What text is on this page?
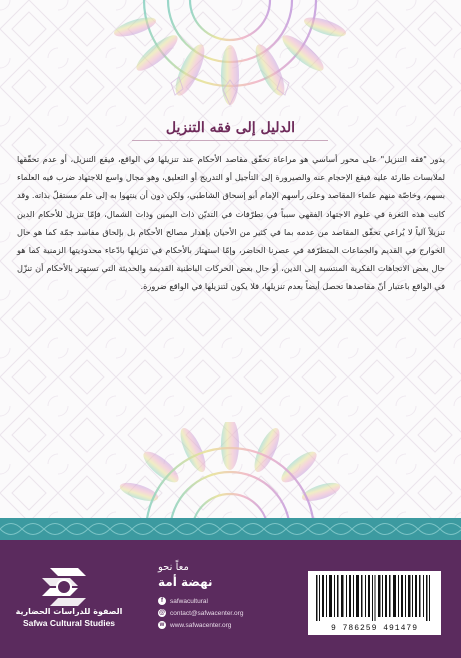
الدليل إلى فقه التنزيل
يدور "فقه التنزيل" على محور أساسي هو مراعاة تحقّق مقاصد الأحكام عند تنزيلها في الواقع، فيقع التنزيل، أو عدم تحقّقها لملابسات طارئة عليه فيقع الإحجام عنه والصيرورة إلى التأجيل أو التدريج أو التعليق، وهو مجال واسع للاجتهاد ضرب فيه العلماء بسهم، وخاصّة منهم علماء المقاصد وعلى رأسهم الإمام أبو إسحاق الشاطبي، ولكن دون أن ينتهوا به إلى علم مستقلّ بذاته. وقد كانت هذه الثغرة في علوم الاجتهاد الفقهي سبباً في تطرّفات في التديّن ذات اليمين وذات الشمال، فإمّا تنزيل للأحكام الدين تنزيلاً آلياً لا يُراعي تحقّق المقاصد من عدمه بما في كثير من الأحيان بإهدار مصالح الأحكام بل بإلحاق مفاسد جمّة كما هو حال الخوارج في القديم والجماعات المتطرّفة في عصرنا الحاضر، وإمّا استهتار بالأحكام في تنزيلها بادّعاء محدوديتها الزمنية كما هو حال بعض الاتجاهات الفكرية المنتسبة إلى الدين، أو حال بعض الحركات الباطنية القديمة والحديثة التي تستهتر بالأحكام أن تنزّل في الواقع باعتبار أنّ مقاصدها تحصل أيضاً بعدم تنزيلها، فلا يكون لتنزيلها في الواقع ضرورة.
الصفوة للدراسات الحضارية
Safwa Cultural Studies
معاً نحو
نهضة أمة
f	safwacultural
@ contact@safwacenter.org
w www.safwacenter.org	9 786259 491479
